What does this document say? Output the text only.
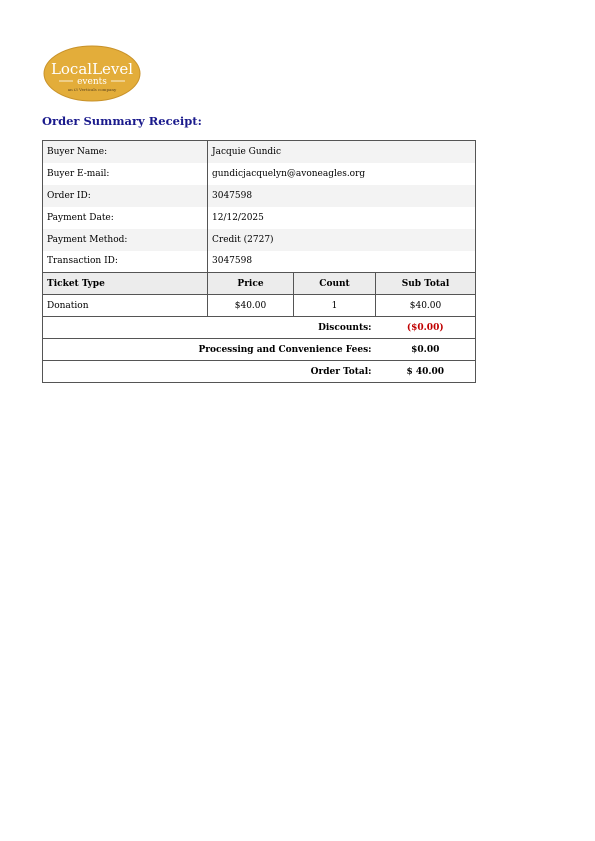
LocalLevel
events
an i3 Verticals company
Order Summary Receipt:
Buyer Name:	Jacquie Gundic		
Buyer E-mail:	gundicjacquelyn@avoneagles.org		
Order ID:	3047598		
Payment Date:	12/12/2025		
Payment Method:	Credit (2727)		
Transaction ID:	3047598		
Ticket Type	Price	Count	Sub Total
Donation	$40.00	1	$40.00
Discounts:			($0.00)
Processing and Convenience Fees:			$0.00
Order Total:			$ 40.00
